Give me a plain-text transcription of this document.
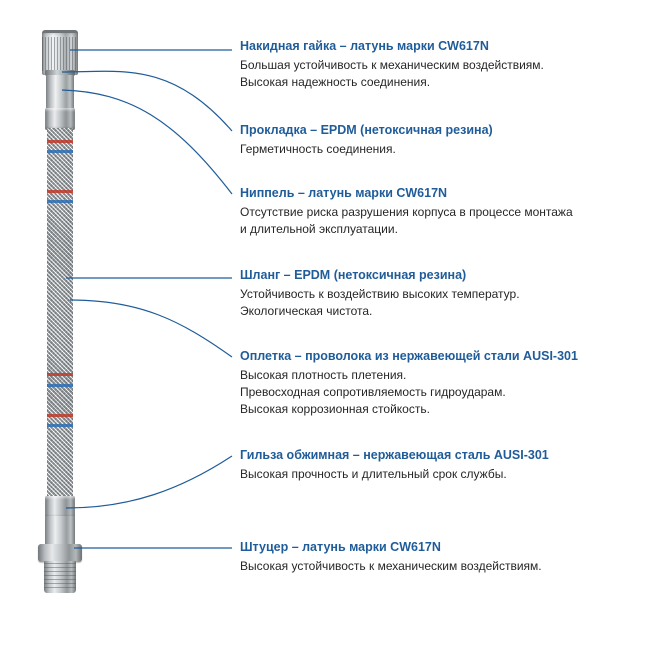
Накидная гайка – латунь марки CW617N
Большая устойчивость к механическим воздействиям.
Высокая надежность соединения.
Прокладка – EPDM (нетоксичная резина)
Герметичность соединения.
Ниппель – латунь марки CW617N
Отсутствие риска разрушения корпуса в процессе монтажа
и длительной эксплуатации.
Шланг – EPDM (нетоксичная резина)
Устойчивость к воздействию высоких температур.
Экологическая чистота.
Оплетка – проволока из нержавеющей стали AUSI-301
Высокая плотность плетения.
Превосходная сопротивляемость гидроударам.
Высокая коррозионная стойкость.
Гильза обжимная – нержавеющая сталь AUSI-301
Высокая прочность и длительный срок службы.
Штуцер – латунь марки CW617N
Высокая устойчивость к механическим воздействиям.
